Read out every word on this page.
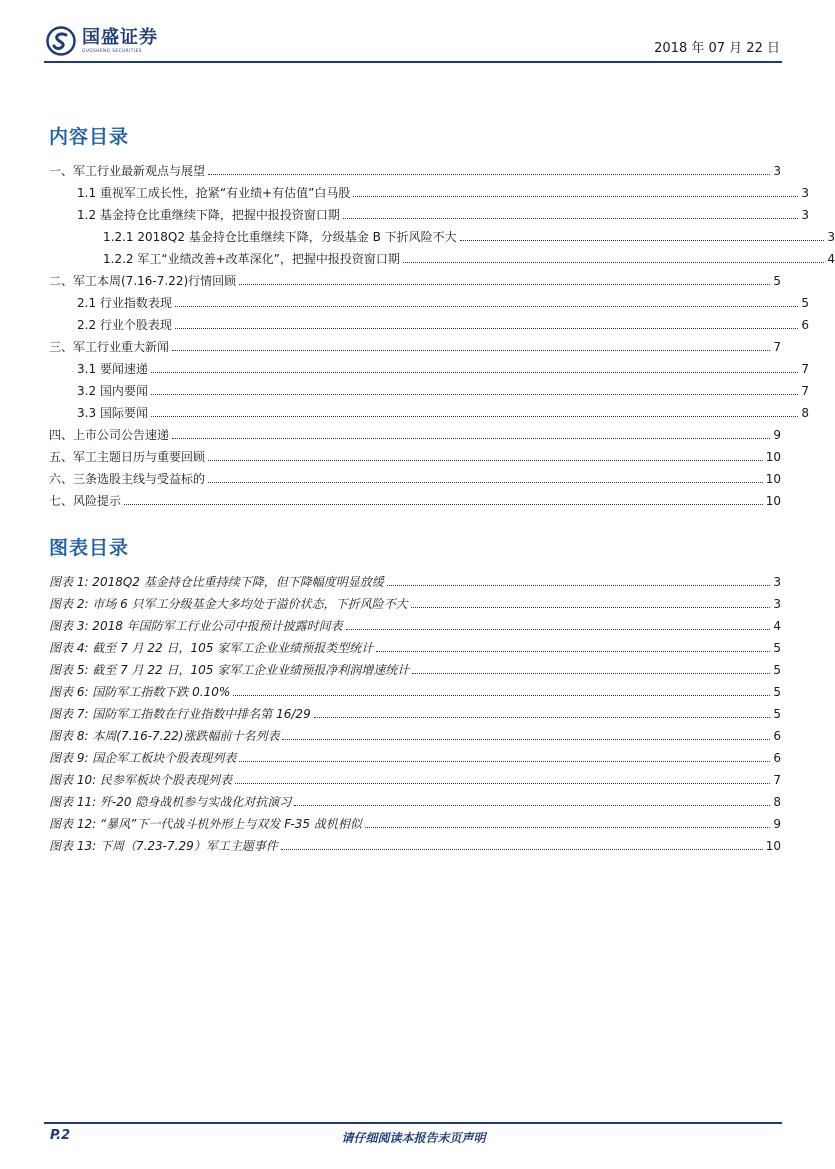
国盛证券
GUOSHENG SECURITIES	2018 年 07 月 22 日
内容目录
一、军工行业最新观点与展望	3
1.1 重视军工成长性，抢紧“有业绩+有估值”白马股	3
1.2 基金持仓比重继续下降，把握中报投资窗口期	3
1.2.1 2018Q2 基金持仓比重继续下降，分级基金 B 下折风险不大	3
1.2.2 军工“业绩改善+改革深化”，把握中报投资窗口期	4
二、军工本周(7.16-7.22)行情回顾	5
2.1 行业指数表现	5
2.2 行业个股表现	6
三、军工行业重大新闻	7
3.1 要闻速递	7
3.2 国内要闻	7
3.3 国际要闻	8
四、上市公司公告速递	9
五、军工主题日历与重要回顾	10
六、三条选股主线与受益标的	10
七、风险提示	10
图表目录
图表 1: 2018Q2 基金持仓比重持续下降，但下降幅度明显放缓	3
图表 2: 市场 6 只军工分级基金大多均处于溢价状态，下折风险不大	3
图表 3: 2018 年国防军工行业公司中报预计披露时间表	4
图表 4: 截至 7 月 22 日，105 家军工企业业绩预报类型统计	5
图表 5: 截至 7 月 22 日，105 家军工企业业绩预报净利润增速统计	5
图表 6: 国防军工指数下跌 0.10%	5
图表 7: 国防军工指数在行业指数中排名第 16/29	5
图表 8: 本周(7.16-7.22)涨跌幅前十名列表	6
图表 9: 国企军工板块个股表现列表	6
图表 10: 民参军板块个股表现列表	7
图表 11: 歼-20 隐身战机参与实战化对抗演习	8
图表 12: “暴风”下一代战斗机外形上与双发 F-35 战机相似	9
图表 13: 下周（7.23-7.29）军工主题事件	10
P.2	请仔细阅读本报告末页声明
